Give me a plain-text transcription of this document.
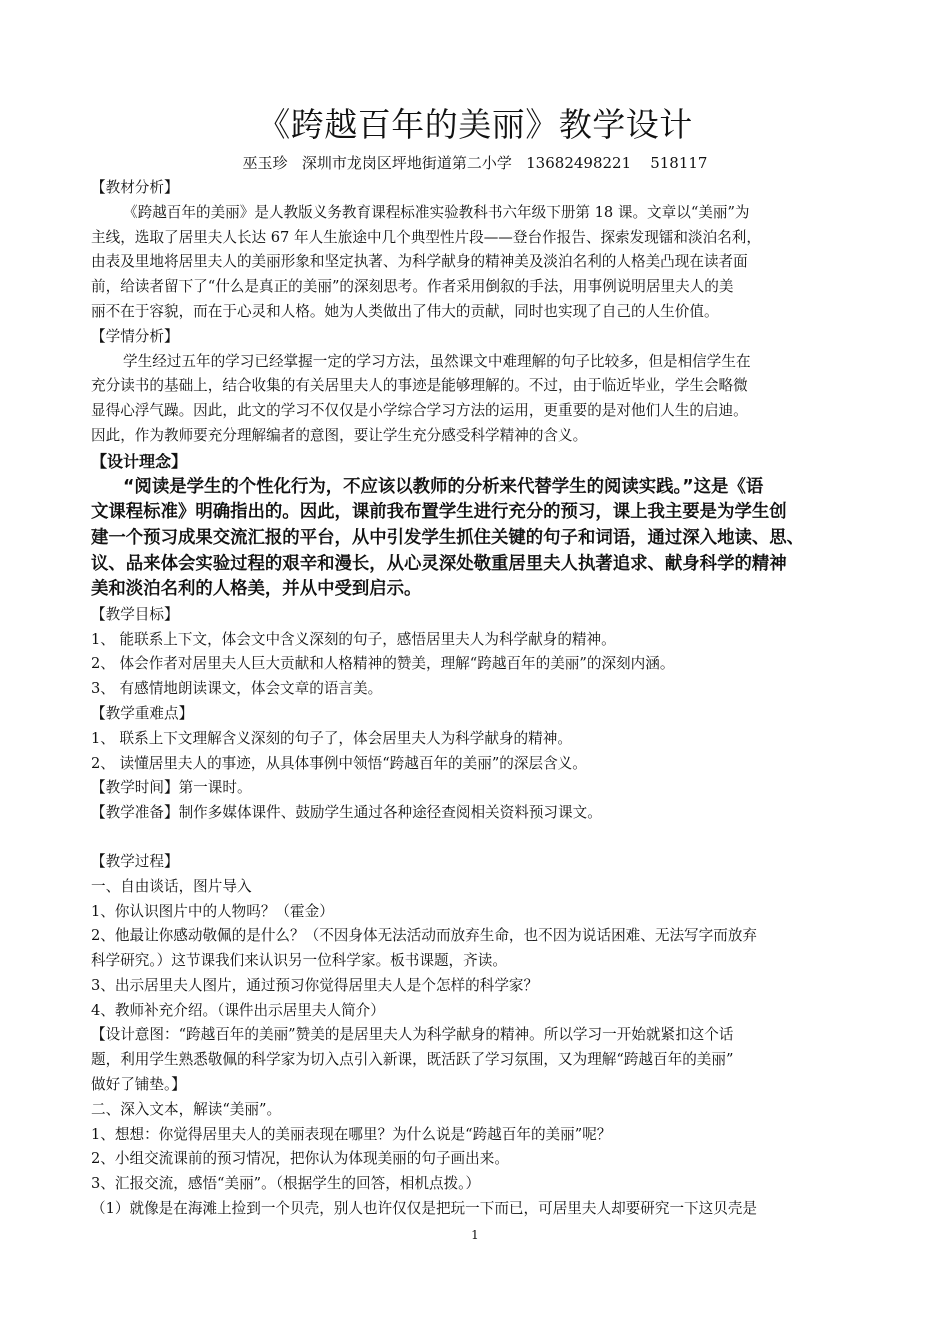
《跨越百年的美丽》教学设计
巫玉珍   深圳市龙岗区坪地街道第二小学   13682498221    518117

【教材分析】

《跨越百年的美丽》是人教版义务教育课程标准实验教科书六年级下册第 18 课。文章以“美丽”为

主线，选取了居里夫人长达 67 年人生旅途中几个典型性片段——登台作报告、探索发现镭和淡泊名利，

由表及里地将居里夫人的美丽形象和坚定执著、为科学献身的精神美及淡泊名利的人格美凸现在读者面

前，给读者留下了“什么是真正的美丽”的深刻思考。作者采用倒叙的手法，用事例说明居里夫人的美

丽不在于容貌，而在于心灵和人格。她为人类做出了伟大的贡献，同时也实现了自己的人生价值。

【学情分析】

学生经过五年的学习已经掌握一定的学习方法，虽然课文中难理解的句子比较多，但是相信学生在

充分读书的基础上，结合收集的有关居里夫人的事迹是能够理解的。不过，由于临近毕业，学生会略微

显得心浮气躁。因此，此文的学习不仅仅是小学综合学习方法的运用，更重要的是对他们人生的启迪。

因此，作为教师要充分理解编者的意图，要让学生充分感受科学精神的含义。

【设计理念】

“阅读是学生的个性化行为，不应该以教师的分析来代替学生的阅读实践。”这是《语

文课程标准》明确指出的。因此，课前我布置学生进行充分的预习，课上我主要是为学生创

建一个预习成果交流汇报的平台，从中引发学生抓住关键的句子和词语，通过深入地读、思、

议、品来体会实验过程的艰辛和漫长，从心灵深处敬重居里夫人执著追求、献身科学的精神

美和淡泊名利的人格美，并从中受到启示。

【教学目标】

1、 能联系上下文，体会文中含义深刻的句子，感悟居里夫人为科学献身的精神。

2、 体会作者对居里夫人巨大贡献和人格精神的赞美，理解“跨越百年的美丽”的深刻内涵。

3、 有感情地朗读课文，体会文章的语言美。

【教学重难点】

1、 联系上下文理解含义深刻的句子了，体会居里夫人为科学献身的精神。

2、 读懂居里夫人的事迹，从具体事例中领悟“跨越百年的美丽”的深层含义。

【教学时间】第一课时。

【教学准备】制作多媒体课件、鼓励学生通过各种途径查阅相关资料预习课文。

【教学过程】

一、自由谈话，图片导入

1、你认识图片中的人物吗？（霍金）

2、他最让你感动敬佩的是什么？（不因身体无法活动而放弃生命，也不因为说话困难、无法写字而放弃

科学研究。）这节课我们来认识另一位科学家。板书课题，齐读。

3、出示居里夫人图片，通过预习你觉得居里夫人是个怎样的科学家？

4、教师补充介绍。（课件出示居里夫人简介）

【设计意图：“跨越百年的美丽”赞美的是居里夫人为科学献身的精神。所以学习一开始就紧扣这个话

题，利用学生熟悉敬佩的科学家为切入点引入新课，既活跃了学习氛围，又为理解“跨越百年的美丽”

做好了铺垫。】

二、深入文本，解读“美丽”。

1、想想：你觉得居里夫人的美丽表现在哪里？为什么说是“跨越百年的美丽”呢？

2、小组交流课前的预习情况，把你认为体现美丽的句子画出来。

3、汇报交流，感悟“美丽”。（根据学生的回答，相机点拨。）

（1）就像是在海滩上捡到一个贝壳，别人也许仅仅是把玩一下而已，可居里夫人却要研究一下这贝壳是

1
